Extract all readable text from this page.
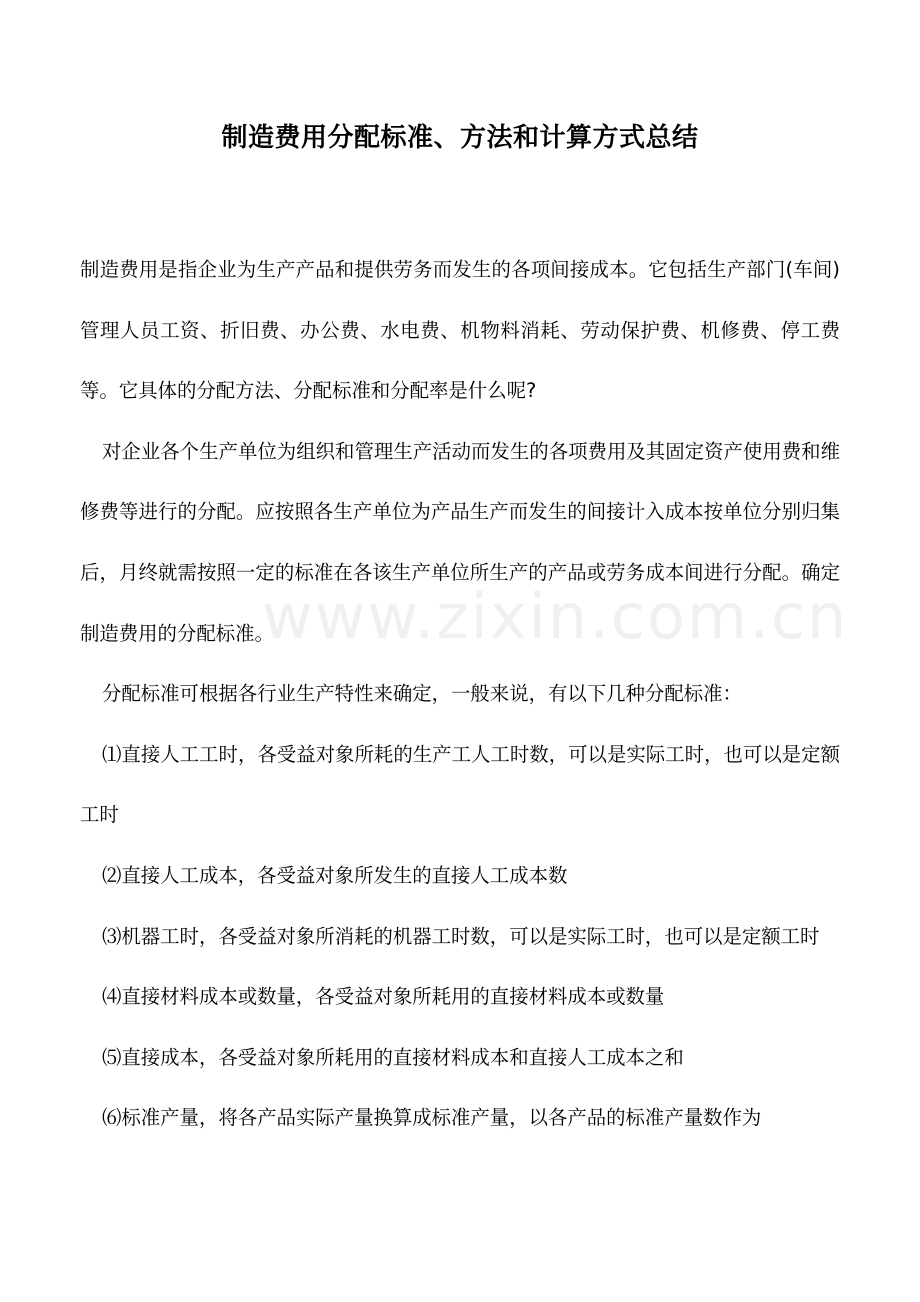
www.zixin.com.cn
制造费用分配标准、方法和计算方式总结

制造费用是指企业为生产产品和提供劳务而发生的各项间接成本。它包括生产部门(车间)管理人员工资、折旧费、办公费、水电费、机物料消耗、劳动保护费、机修费、停工费等。它具体的分配方法、分配标准和分配率是什么呢?

对企业各个生产单位为组织和管理生产活动而发生的各项费用及其固定资产使用费和维修费等进行的分配。应按照各生产单位为产品生产而发生的间接计入成本按单位分别归集后，月终就需按照一定的标准在各该生产单位所生产的产品或劳务成本间进行分配。确定制造费用的分配标准。

分配标准可根据各行业生产特性来确定，一般来说，有以下几种分配标准：

⑴直接人工工时，各受益对象所耗的生产工人工时数，可以是实际工时，也可以是定额工时

⑵直接人工成本，各受益对象所发生的直接人工成本数

⑶机器工时，各受益对象所消耗的机器工时数，可以是实际工时，也可以是定额工时

⑷直接材料成本或数量，各受益对象所耗用的直接材料成本或数量

⑸直接成本，各受益对象所耗用的直接材料成本和直接人工成本之和

⑹标准产量，将各产品实际产量换算成标准产量，以各产品的标准产量数作为
